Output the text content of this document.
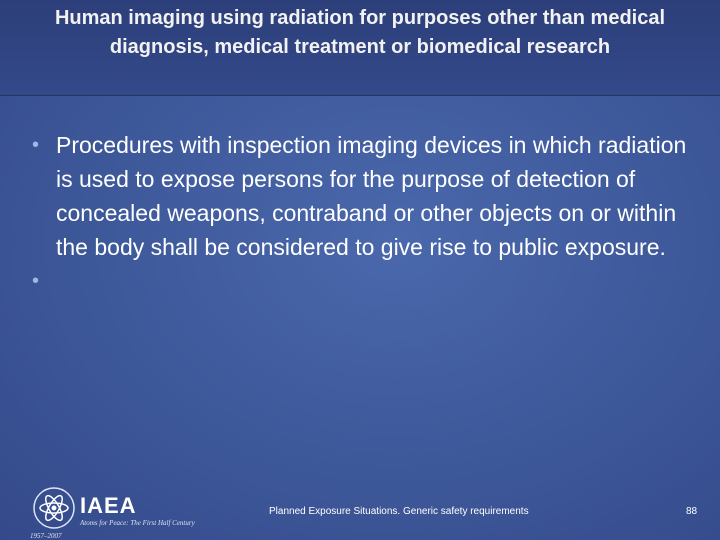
Human imaging using radiation for purposes other than medical diagnosis, medical treatment or biomedical research
• Procedures with inspection imaging devices in which radiation is used to expose persons for the purpose of detection of concealed weapons, contraband or other objects on or within the body shall be considered to give rise to public exposure.
•
IAEA
Atoms for Peace: The First Half Century
1957–2007
Planned Exposure Situations. Generic safety requirements	88
